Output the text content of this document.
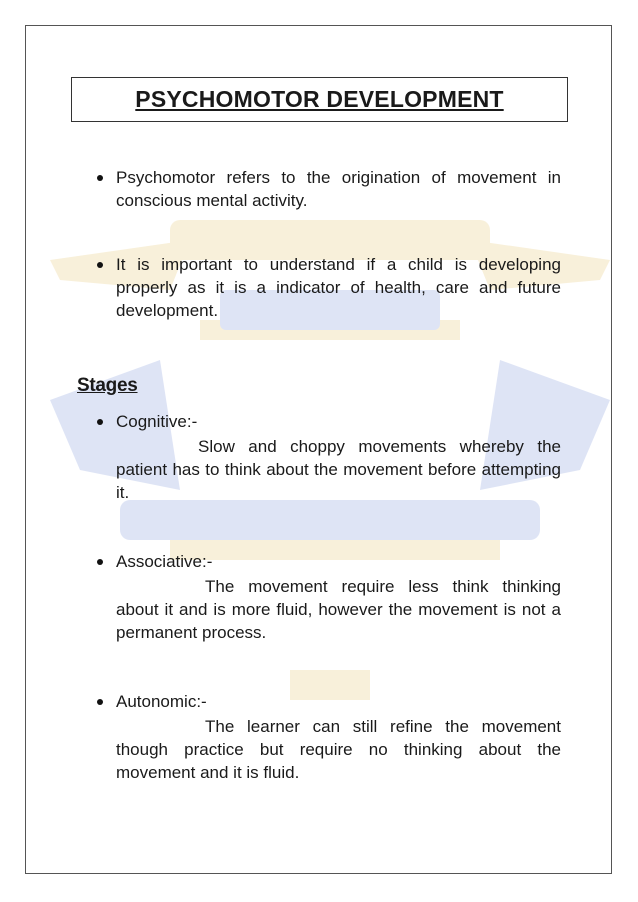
PSYCHOMOTOR DEVELOPMENT
Psychomotor refers to the origination of movement in conscious mental activity.
It is important to understand if a child is developing properly as it is a indicator of health, care and future development.
Stages
Cognitive:-
Slow and choppy movements whereby the patient has to think about the movement before attempting it.
Associative:-
The movement require less think thinking about it and is more fluid, however the movement is not a permanent process.
Autonomic:-
The learner can still refine the movement though practice but require no thinking about the movement and it is fluid.
